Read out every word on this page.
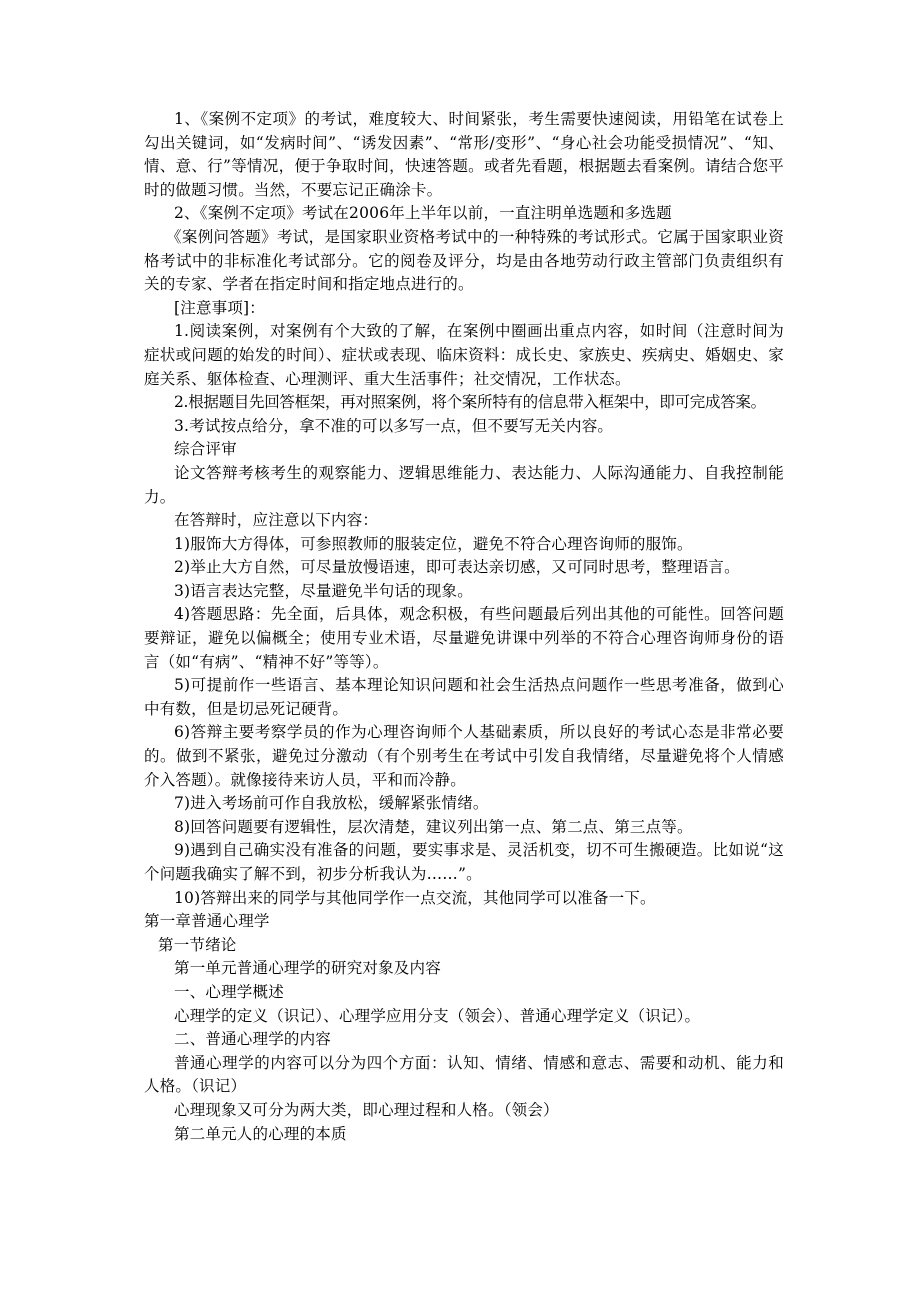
1、《案例不定项》的考试，难度较大、时间紧张，考生需要快速阅读，用铅笔在试卷上勾出关键词，如“发病时间”、“诱发因素”、“常形/变形”、“身心社会功能受损情况”、“知、情、意、行”等情况，便于争取时间，快速答题。或者先看题，根据题去看案例。请结合您平时的做题习惯。当然，不要忘记正确涂卡。

2、《案例不定项》考试在2006年上半年以前，一直注明单选题和多选题

《案例问答题》考试，是国家职业资格考试中的一种特殊的考试形式。它属于国家职业资格考试中的非标准化考试部分。它的阅卷及评分，均是由各地劳动行政主管部门负责组织有关的专家、学者在指定时间和指定地点进行的。

[注意事项]：

1.阅读案例，对案例有个大致的了解，在案例中圈画出重点内容，如时间（注意时间为症状或问题的始发的时间）、症状或表现、临床资料：成长史、家族史、疾病史、婚姻史、家庭关系、躯体检查、心理测评、重大生活事件；社交情况，工作状态。

2.根据题目先回答框架，再对照案例，将个案所特有的信息带入框架中，即可完成答案。

3.考试按点给分，拿不准的可以多写一点，但不要写无关内容。

综合评审

论文答辩考核考生的观察能力、逻辑思维能力、表达能力、人际沟通能力、自我控制能力。

在答辩时，应注意以下内容：

1)服饰大方得体，可参照教师的服装定位，避免不符合心理咨询师的服饰。

2)举止大方自然，可尽量放慢语速，即可表达亲切感，又可同时思考，整理语言。

3)语言表达完整，尽量避免半句话的现象。

4)答题思路：先全面，后具体，观念积极，有些问题最后列出其他的可能性。回答问题要辩证，避免以偏概全；使用专业术语，尽量避免讲课中列举的不符合心理咨询师身份的语言（如“有病”、“精神不好”等等）。

5)可提前作一些语言、基本理论知识问题和社会生活热点问题作一些思考准备，做到心中有数，但是切忌死记硬背。

6)答辩主要考察学员的作为心理咨询师个人基础素质，所以良好的考试心态是非常必要的。做到不紧张，避免过分激动（有个别考生在考试中引发自我情绪，尽量避免将个人情感介入答题）。就像接待来访人员，平和而冷静。

7)进入考场前可作自我放松，缓解紧张情绪。

8)回答问题要有逻辑性，层次清楚，建议列出第一点、第二点、第三点等。

9)遇到自己确实没有准备的问题，要实事求是、灵活机变，切不可生搬硬造。比如说“这个问题我确实了解不到，初步分析我认为……”。

10)答辩出来的同学与其他同学作一点交流，其他同学可以准备一下。

第一章普通心理学

第一节绪论

第一单元普通心理学的研究对象及内容

一、心理学概述

心理学的定义（识记）、心理学应用分支（领会）、普通心理学定义（识记）。

二、普通心理学的内容

普通心理学的内容可以分为四个方面：认知、情绪、情感和意志、需要和动机、能力和人格。（识记）

心理现象又可分为两大类，即心理过程和人格。（领会）

第二单元人的心理的本质
